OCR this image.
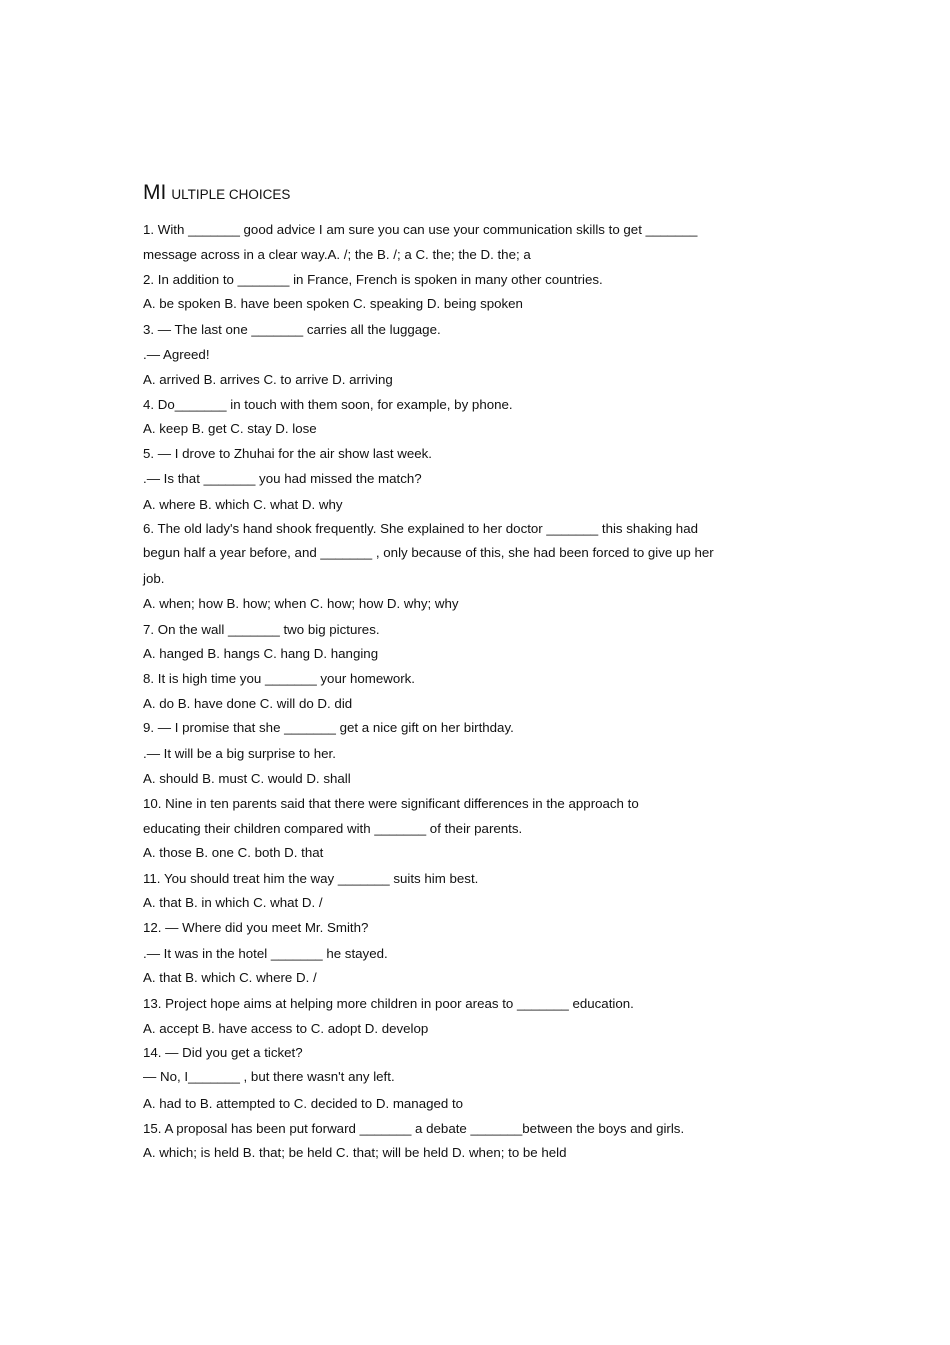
MI ULTIPLE CHOICES
1. With _______ good advice I am sure you can use your communication skills to get _______
message across in a clear way.A. /; the B. /; a C. the; the D. the; a
2. In addition to _______ in France, French is spoken in many other countries.
A. be spoken B. have been spoken C. speaking D. being spoken
3. — The last one _______ carries all the luggage.
.— Agreed!
A. arrived B. arrives C. to arrive D. arriving
4. Do_______ in touch with them soon, for example, by phone.
A. keep B. get C. stay D. lose
5. — I drove to Zhuhai for the air show last week.
.— Is that _______ you had missed the match?
A. where B. which C. what D. why
6. The old lady's hand shook frequently. She explained to her doctor _______ this shaking had
begun half a year before, and _______ , only because of this, she had been forced to give up her
job.
A. when; how B. how; when C. how; how D. why; why
7. On the wall _______ two big pictures.
A. hanged B. hangs C. hang D. hanging
8. It is high time you _______ your homework.
A. do B. have done C. will do D. did
9. — I promise that she _______ get a nice gift on her birthday.
.— It will be a big surprise to her.
A. should B. must C. would D. shall
10. Nine in ten parents said that there were significant differences in the approach to
educating their children compared with _______ of their parents.
A. those B. one C. both D. that
11. You should treat him the way _______ suits him best.
A. that B. in which C. what D. /
12. — Where did you meet Mr. Smith?
.— It was in the hotel _______ he stayed.
A. that B. which C. where D. /
13. Project hope aims at helping more children in poor areas to _______ education.
A. accept B. have access to C. adopt D. develop
14. — Did you get a ticket?
— No, I_______ , but there wasn't any left.
A. had to B. attempted to C. decided to D. managed to
15. A proposal has been put forward _______ a debate _______between the boys and girls.
A. which; is held B. that; be held C. that; will be held D. when; to be held
